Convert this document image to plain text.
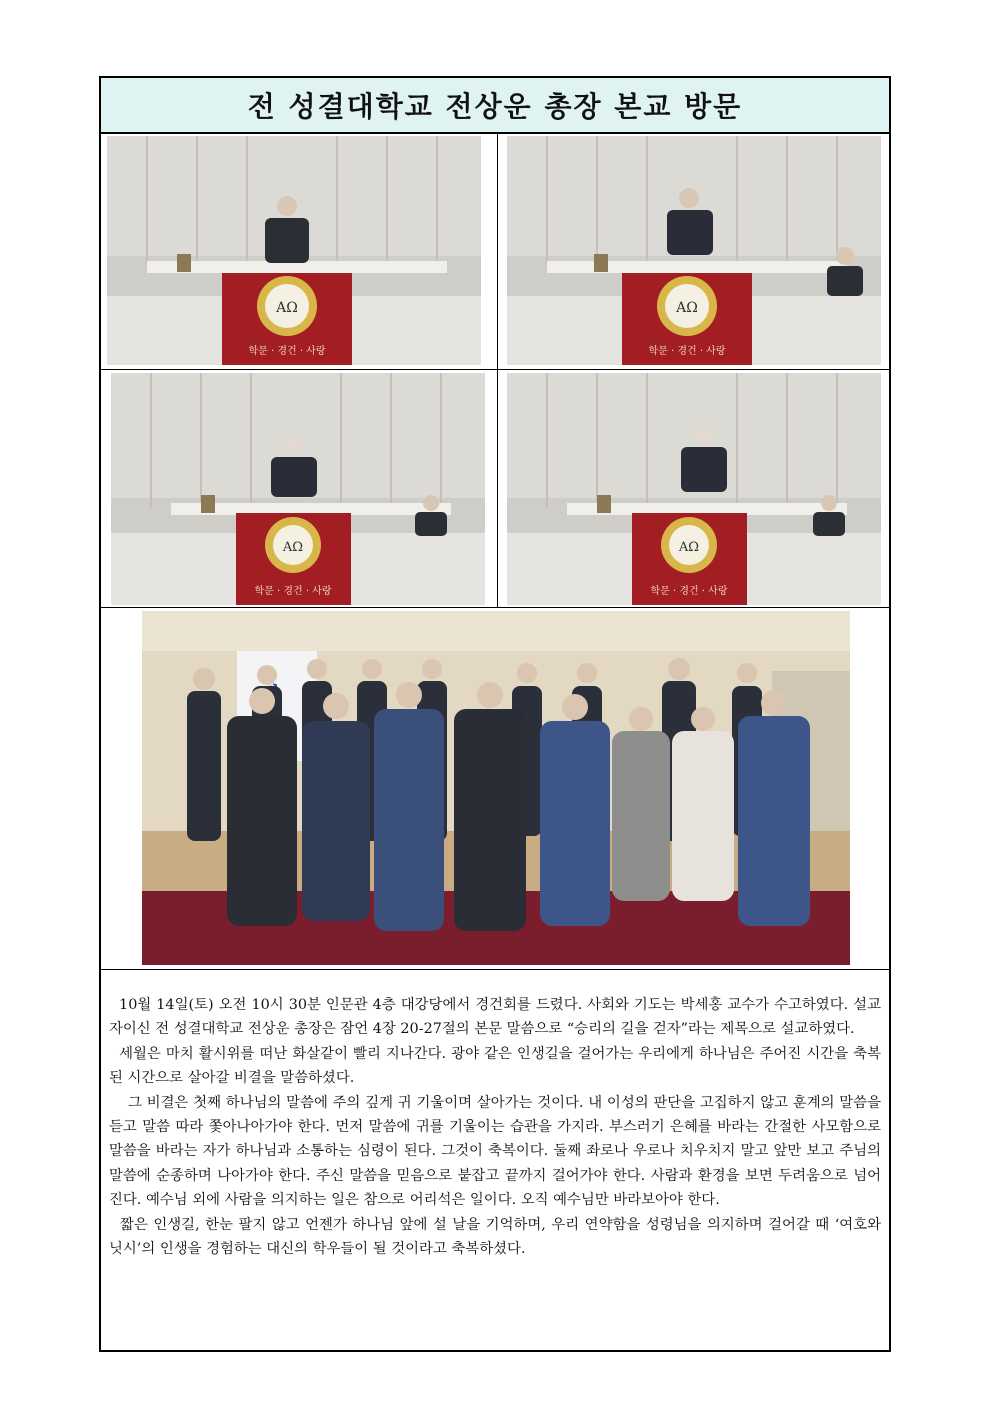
전 성결대학교 전상운 총장 본교 방문
ΑΩ
학문 · 경건 · 사랑
ΑΩ
학문 · 경건 · 사랑
ΑΩ
학문 · 경건 · 사랑
ΑΩ
학문 · 경건 · 사랑

10월 14일(토) 오전 10시 30분 인문관 4층 대강당에서 경건회를 드렸다. 사회와 기도는 박세홍 교수가 수고하였다. 설교자이신 전 성결대학교 전상운 총장은 잠언 4장 20-27절의 본문 말씀으로 “승리의 길을 걷자”라는 제목으로 설교하였다.

세월은 마치 활시위를 떠난 화살같이 빨리 지나간다. 광야 같은 인생길을 걸어가는 우리에게 하나님은 주어진 시간을 축복된 시간으로 살아갈 비결을 말씀하셨다.

그 비결은 첫째 하나님의 말씀에 주의 깊게 귀 기울이며 살아가는 것이다. 내 이성의 판단을 고집하지 않고 훈계의 말씀을 듣고 말씀 따라 쫓아나아가야 한다. 먼저 말씀에 귀를 기울이는 습관을 가지라. 부스러기 은혜를 바라는 간절한 사모함으로 말씀을 바라는 자가 하나님과 소통하는 심령이 된다. 그것이 축복이다. 둘째 좌로나 우로나 치우치지 말고 앞만 보고 주님의 말씀에 순종하며 나아가야 한다. 주신 말씀을 믿음으로 붙잡고 끝까지 걸어가야 한다. 사람과 환경을 보면 두려움으로 넘어진다. 예수님 외에 사람을 의지하는 일은 참으로 어리석은 일이다. 오직 예수님만 바라보아야 한다.

짧은 인생길, 한눈 팔지 않고 언젠가 하나님 앞에 설 날을 기억하며, 우리 연약함을 성령님을 의지하며 걸어갈 때 ‘여호와 닛시’의 인생을 경험하는 대신의 학우들이 될 것이라고 축복하셨다.
